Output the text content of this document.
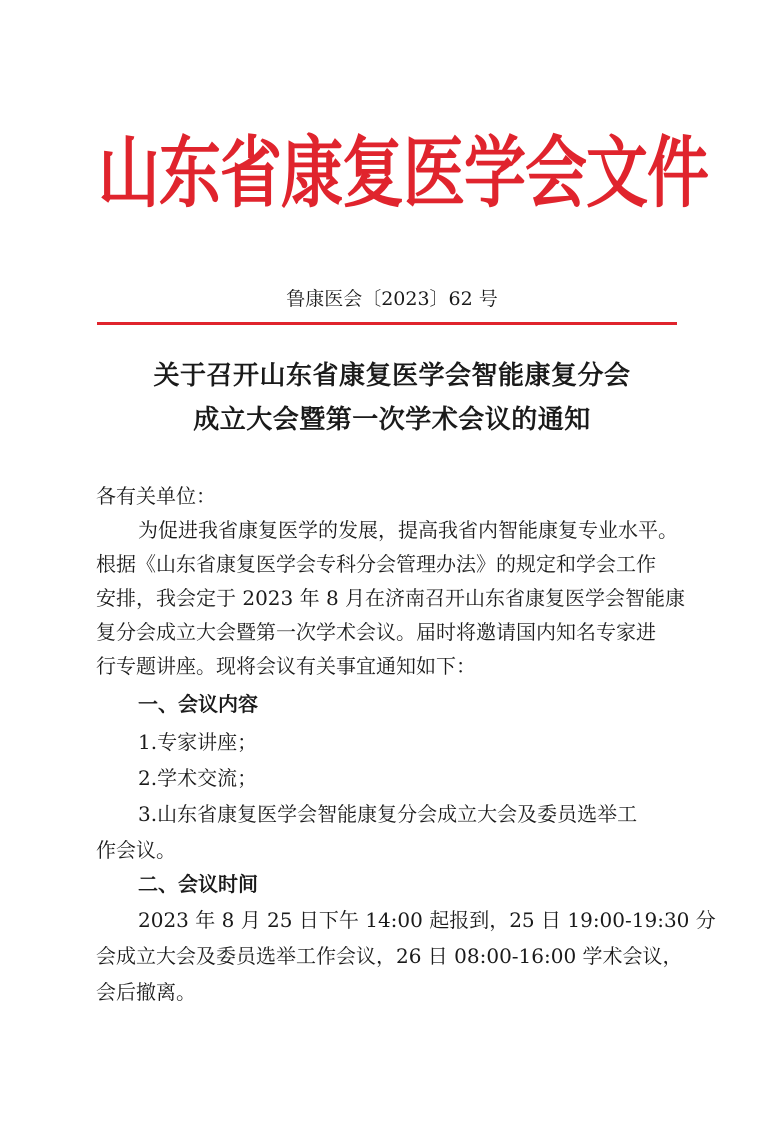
山东省康复医学会文件
鲁康医会〔2023〕62 号
关于召开山东省康复医学会智能康复分会
成立大会暨第一次学术会议的通知
各有关单位：
为促进我省康复医学的发展，提高我省内智能康复专业水平。
根据《山东省康复医学会专科分会管理办法》的规定和学会工作
安排，我会定于 2023 年 8 月在济南召开山东省康复医学会智能康
复分会成立大会暨第一次学术会议。届时将邀请国内知名专家进
行专题讲座。现将会议有关事宜通知如下：
一、会议内容
1.专家讲座；
2.学术交流；
3.山东省康复医学会智能康复分会成立大会及委员选举工
作会议。
二、会议时间
2023 年 8 月 25 日下午 14:00 起报到，25 日 19:00-19:30 分
会成立大会及委员选举工作会议，26 日 08:00-16:00 学术会议，
会后撤离。
